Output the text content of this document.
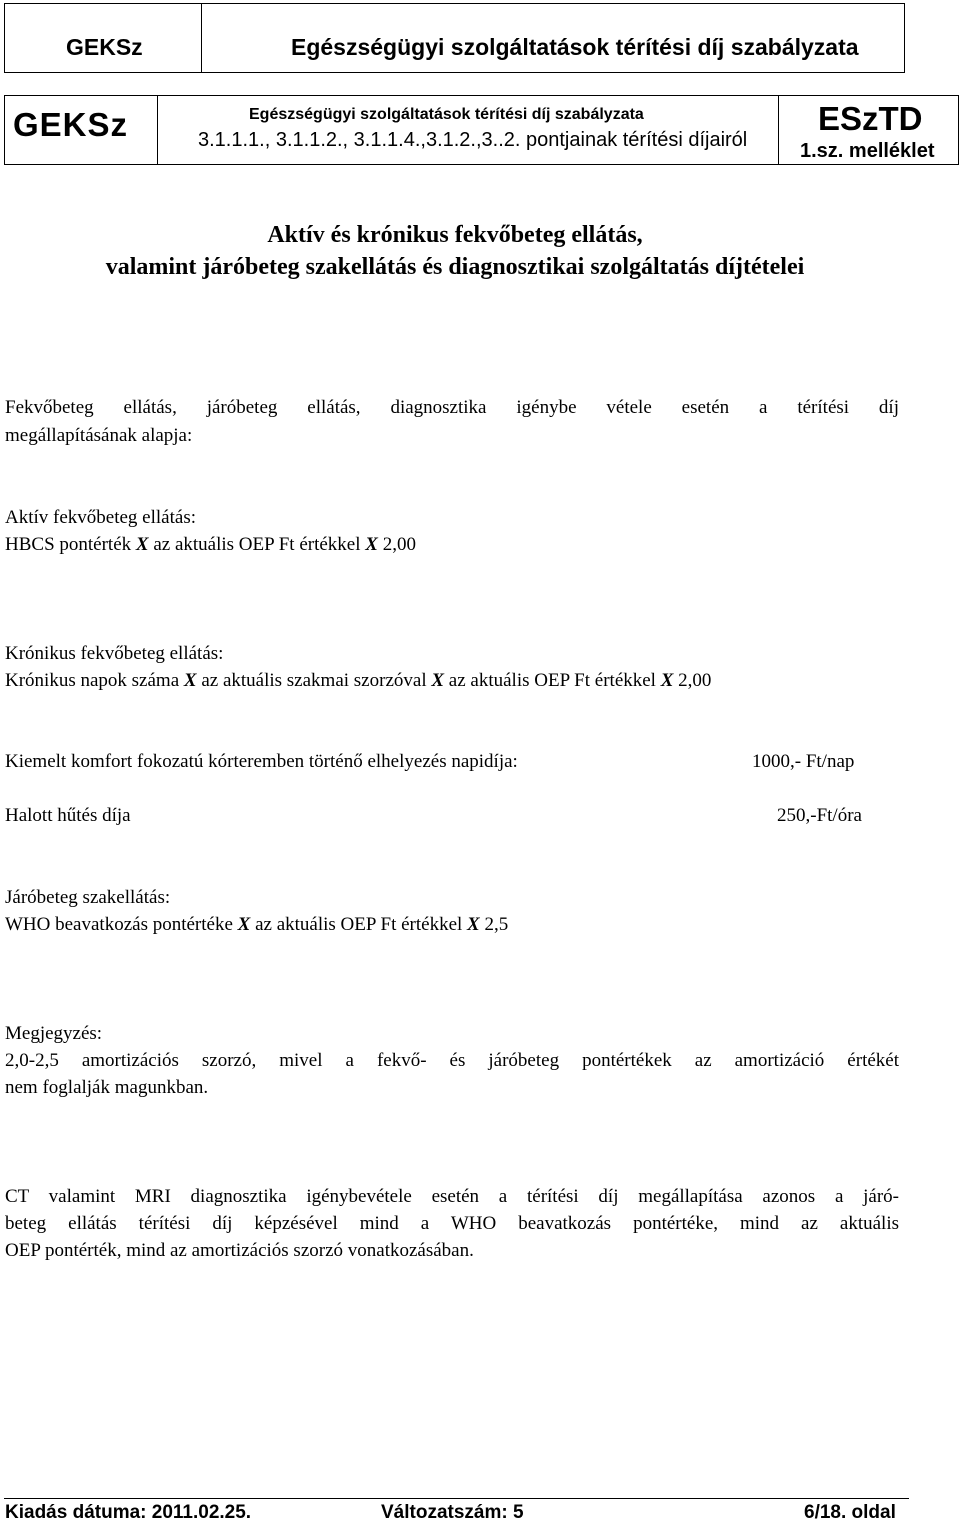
GEKSz	Egészségügyi szolgáltatások térítési díj szabályzata
GEKSz	Egészségügyi szolgáltatások térítési díj szabályzata
3.1.1.1., 3.1.1.2., 3.1.1.4.,3.1.2.,3..2. pontjainak térítési díjairól
ESzTD
1.sz. melléklet
Aktív és krónikus fekvőbeteg ellátás,
valamint járóbeteg szakellátás és diagnosztikai szolgáltatás díjtételei
Fekvőbeteg ellátás, járóbeteg ellátás, diagnosztika igénybe vétele esetén a térítési díj
megállapításának alapja:
Aktív fekvőbeteg ellátás:
HBCS pontérték X az aktuális OEP Ft értékkel X 2,00
Krónikus fekvőbeteg ellátás:
Krónikus napok száma X az aktuális szakmai szorzóval X az aktuális OEP Ft értékkel X 2,00
Kiemelt komfort fokozatú kórteremben történő elhelyezés napidíja:	1000,- Ft/nap
Halott hűtés díja	250,-Ft/óra
Járóbeteg szakellátás:
WHO beavatkozás pontértéke X az aktuális OEP Ft értékkel X 2,5
Megjegyzés:
2,0-2,5 amortizációs szorzó, mivel a fekvő- és járóbeteg pontértékek az amortizáció értékét
nem foglalják magunkban.
CT valamint MRI diagnosztika igénybevétele esetén a térítési díj megállapítása azonos a járó-
beteg ellátás térítési díj képzésével mind a WHO beavatkozás pontértéke, mind az aktuális
OEP pontérték, mind az amortizációs szorzó vonatkozásában.
Kiadás dátuma: 2011.02.25.	Változatszám: 5	6/18. oldal
